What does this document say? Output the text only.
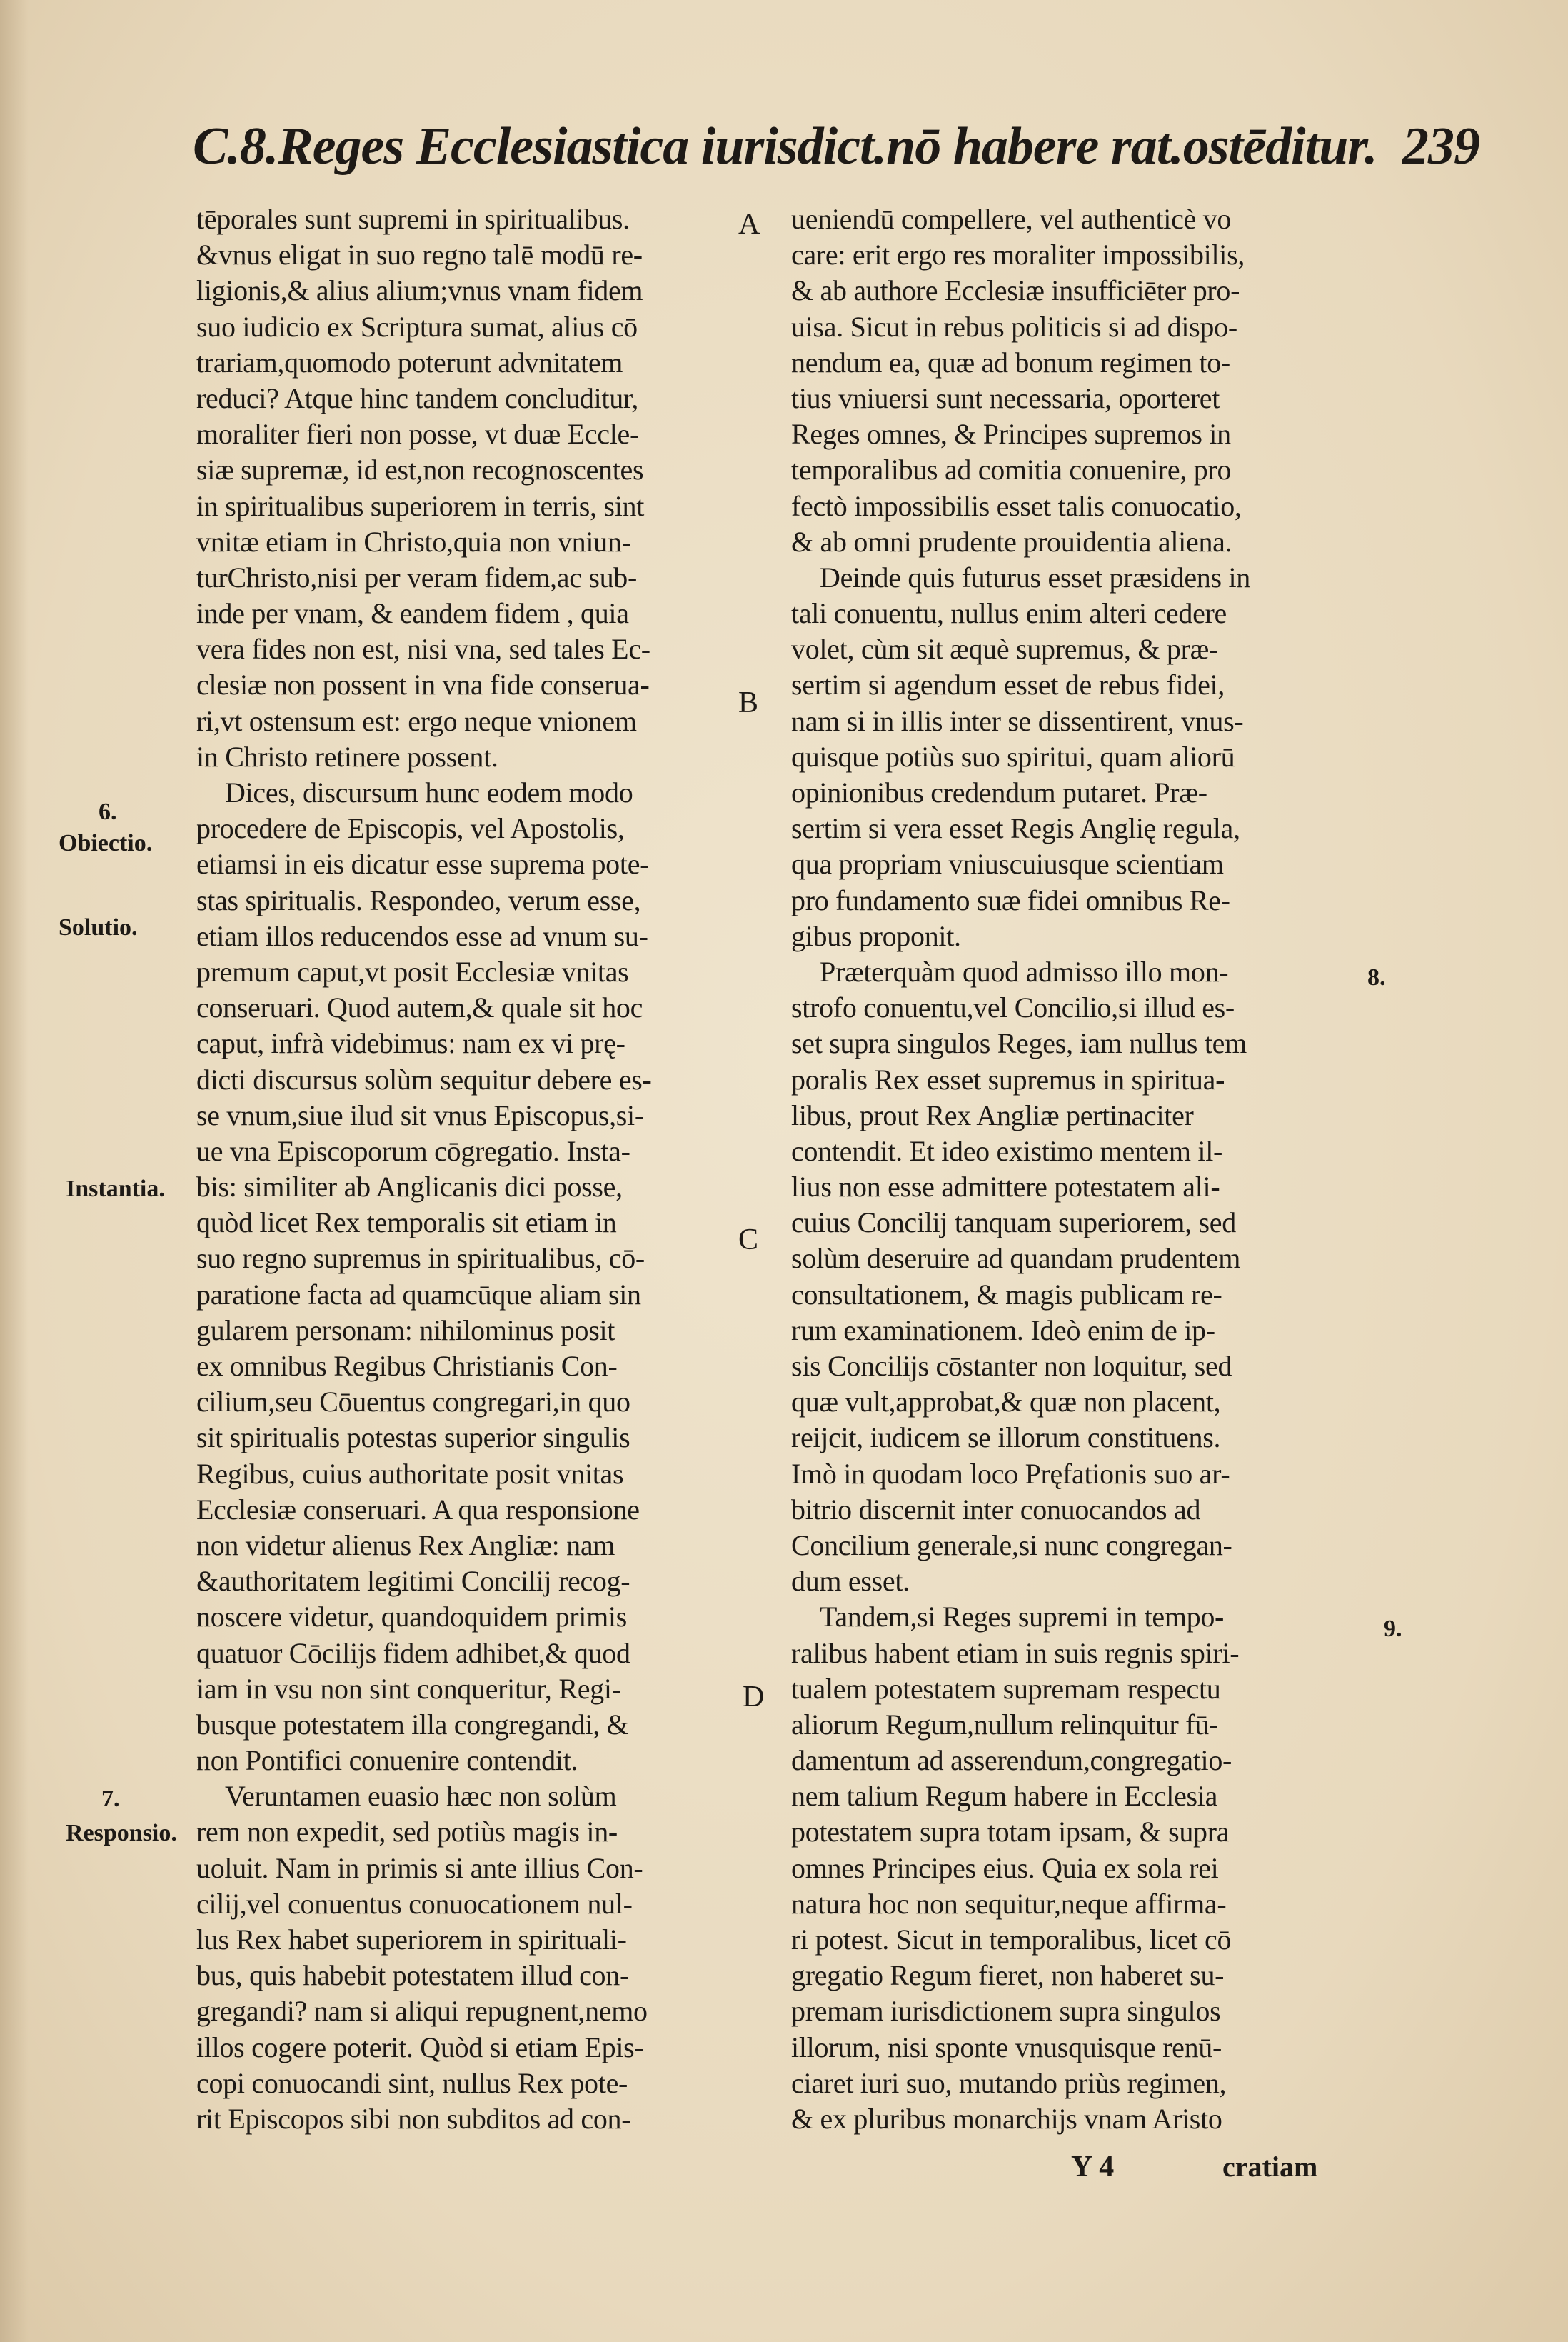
C.8.Reges Ecclesiastica iurisdict.nō habere rat.ostēditur. 239
tēporales sunt supremi in spiritualibus.
&vnus eligat in suo regno talē modū re-
ligionis,& alius alium;vnus vnam fidem
suo iudicio ex Scriptura sumat, alius cō
trariam,quomodo poterunt advnitatem
reduci? Atque hinc tandem concluditur,
moraliter fieri non posse, vt duæ Eccle-
siæ supremæ, id est,non recognoscentes
in spiritualibus superiorem in terris, sint
vnitæ etiam in Christo,quia non vniun-
turChristo,nisi per veram fidem,ac sub-
inde per vnam, & eandem fidem , quia
vera fides non est, nisi vna, sed tales Ec-
clesiæ non possent in vna fide conserua-
ri,vt ostensum est: ergo neque vnionem
in Christo retinere possent.
Dices, discursum hunc eodem modo
procedere de Episcopis, vel Apostolis,
etiamsi in eis dicatur esse suprema pote-
stas spiritualis. Respondeo, verum esse,
etiam illos reducendos esse ad vnum su-
premum caput,vt posit Ecclesiæ vnitas
conseruari. Quod autem,& quale sit hoc
caput, infrà videbimus: nam ex vi prę-
dicti discursus solùm sequitur debere es-
se vnum,siue ilud sit vnus Episcopus,si-
ue vna Episcoporum cōgregatio. Insta-
bis: similiter ab Anglicanis dici posse,
quòd licet Rex temporalis sit etiam in
suo regno supremus in spiritualibus, cō-
paratione facta ad quamcūque aliam sin
gularem personam: nihilominus posit
ex omnibus Regibus Christianis Con-
cilium,seu Cōuentus congregari,in quo
sit spiritualis potestas superior singulis
Regibus, cuius authoritate posit vnitas
Ecclesiæ conseruari. A qua responsione
non videtur alienus Rex Angliæ: nam
&authoritatem legitimi Concilij recog-
noscere videtur, quandoquidem primis
quatuor Cōcilijs fidem adhibet,& quod
iam in vsu non sint conqueritur, Regi-
busque potestatem illa congregandi, &
non Pontifici conuenire contendit.
Veruntamen euasio hæc non solùm
rem non expedit, sed potiùs magis in-
uoluit. Nam in primis si ante illius Con-
cilij,vel conuentus conuocationem nul-
lus Rex habet superiorem in spirituali-
bus, quis habebit potestatem illud con-
gregandi? nam si aliqui repugnent,nemo
illos cogere poterit. Quòd si etiam Epis-
copi conuocandi sint, nullus Rex pote-
rit Episcopos sibi non subditos ad con-
ueniendū compellere, vel authenticè vo
care: erit ergo res moraliter impossibilis,
& ab authore Ecclesiæ insufficiēter pro-
uisa. Sicut in rebus politicis si ad dispo-
nendum ea, quæ ad bonum regimen to-
tius vniuersi sunt necessaria, oporteret
Reges omnes, & Principes supremos in
temporalibus ad comitia conuenire, pro
fectò impossibilis esset talis conuocatio,
& ab omni prudente prouidentia aliena.
Deinde quis futurus esset præsidens in
tali conuentu, nullus enim alteri cedere
volet, cùm sit æquè supremus, & præ-
sertim si agendum esset de rebus fidei,
nam si in illis inter se dissentirent, vnus-
quisque potiùs suo spiritui, quam aliorū
opinionibus credendum putaret. Præ-
sertim si vera esset Regis Anglię regula,
qua propriam vniuscuiusque scientiam
pro fundamento suæ fidei omnibus Re-
gibus proponit.
Præterquàm quod admisso illo mon-
strofo conuentu,vel Concilio,si illud es-
set supra singulos Reges, iam nullus tem
poralis Rex esset supremus in spiritua-
libus, prout Rex Angliæ pertinaciter
contendit. Et ideo existimo mentem il-
lius non esse admittere potestatem ali-
cuius Concilij tanquam superiorem, sed
solùm deseruire ad quandam prudentem
consultationem, & magis publicam re-
rum examinationem. Ideò enim de ip-
sis Concilijs cōstanter non loquitur, sed
quæ vult,approbat,& quæ non placent,
reijcit, iudicem se illorum constituens.
Imò in quodam loco Pręfationis suo ar-
bitrio discernit inter conuocandos ad
Concilium generale,si nunc congregan-
dum esset.
Tandem,si Reges supremi in tempo-
ralibus habent etiam in suis regnis spiri-
tualem potestatem supremam respectu
aliorum Regum,nullum relinquitur fū-
damentum ad asserendum,congregatio-
nem talium Regum habere in Ecclesia
potestatem supra totam ipsam, & supra
omnes Principes eius. Quia ex sola rei
natura hoc non sequitur,neque affirma-
ri potest. Sicut in temporalibus, licet cō
gregatio Regum fieret, non haberet su-
premam iurisdictionem supra singulos
illorum, nisi sponte vnusquisque renū-
ciaret iuri suo, mutando priùs regimen,
& ex pluribus monarchijs vnam Aristo
6.
Obiectio.
Solutio.
Instantia.
7.
Responsio.
8.
9.
A
B
C
D
Y 4	cratiam
